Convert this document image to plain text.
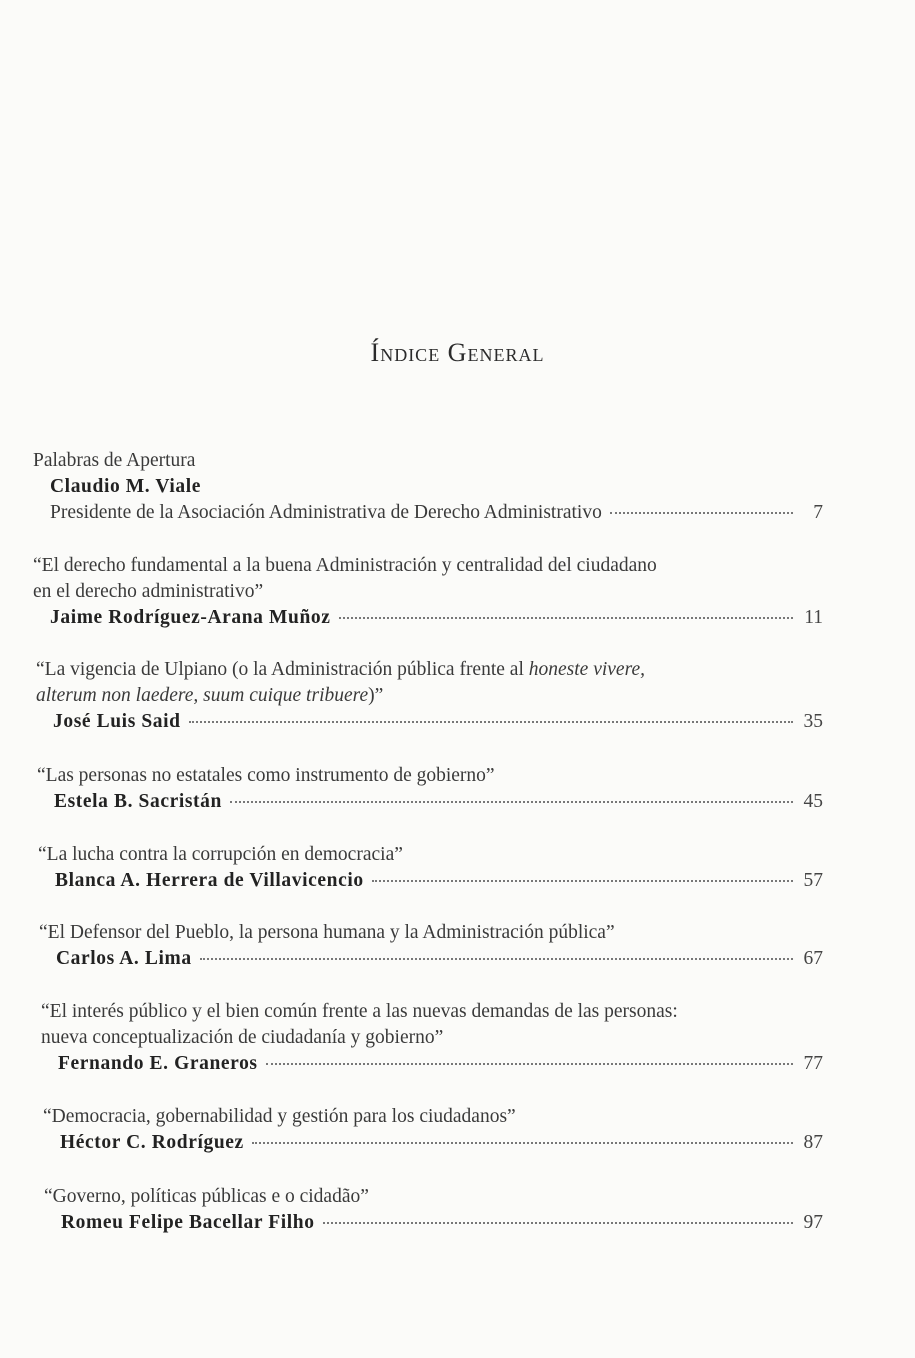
Índice General
Palabras de Apertura
Claudio M. Viale
Presidente de la Asociación Administrativa de Derecho Administrativo	7
“El derecho fundamental a la buena Administración y centralidad del ciudadano
en el derecho administrativo”
Jaime Rodríguez-Arana Muñoz	11
“La vigencia de Ulpiano (o la Administración pública frente al honeste vivere,
alterum non laedere, suum cuique tribuere)”
José Luis Said	35
“Las personas no estatales como instrumento de gobierno”
Estela B. Sacristán	45
“La lucha contra la corrupción en democracia”
Blanca A. Herrera de Villavicencio	57
“El Defensor del Pueblo, la persona humana y la Administración pública”
Carlos A. Lima	67
“El interés público y el bien común frente a las nuevas demandas de las personas:
nueva conceptualización de ciudadanía y gobierno”
Fernando E. Graneros	77
“Democracia, gobernabilidad y gestión para los ciudadanos”
Héctor C. Rodríguez	87
“Governo, políticas públicas e o cidadão”
Romeu Felipe Bacellar Filho	97
